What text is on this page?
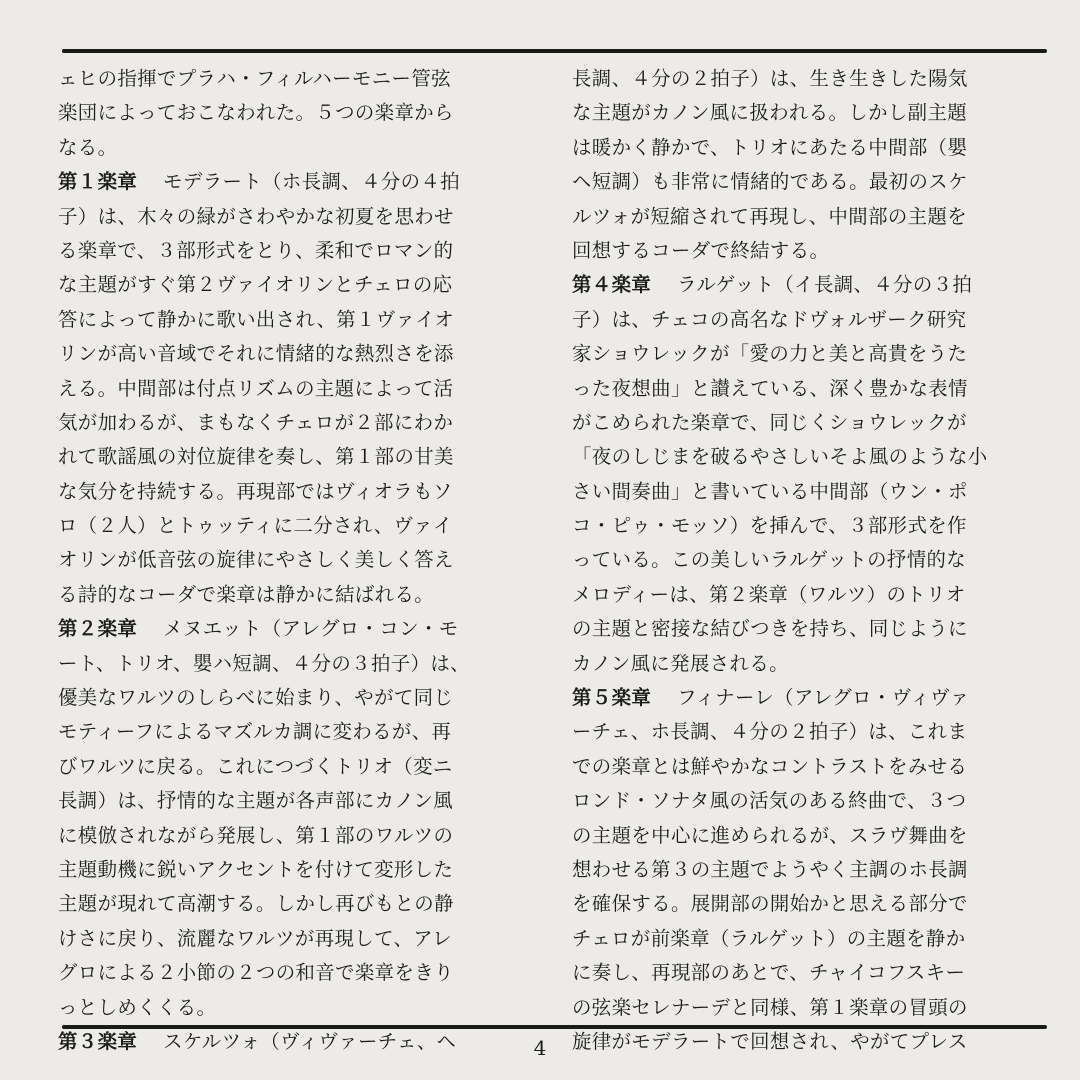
ェヒの指揮でプラハ・フィルハーモニー管弦
楽団によっておこなわれた。５つの楽章から
なる。
第１楽章 モデラート（ホ長調、４分の４拍
子）は、木々の緑がさわやかな初夏を思わせ
る楽章で、３部形式をとり、柔和でロマン的
な主題がすぐ第２ヴァイオリンとチェロの応
答によって静かに歌い出され、第１ヴァイオ
リンが高い音域でそれに情緒的な熱烈さを添
える。中間部は付点リズムの主題によって活
気が加わるが、まもなくチェロが２部にわか
れて歌謡風の対位旋律を奏し、第１部の甘美
な気分を持続する。再現部ではヴィオラもソ
ロ（２人）とトゥッティに二分され、ヴァイ
オリンが低音弦の旋律にやさしく美しく答え
る詩的なコーダで楽章は静かに結ばれる。
第２楽章 メヌエット（アレグロ・コン・モ
ート、トリオ、嬰ハ短調、４分の３拍子）は、
優美なワルツのしらべに始まり、やがて同じ
モティーフによるマズルカ調に変わるが、再
びワルツに戻る。これにつづくトリオ（変ニ
長調）は、抒情的な主題が各声部にカノン風
に模倣されながら発展し、第１部のワルツの
主題動機に鋭いアクセントを付けて変形した
主題が現れて高潮する。しかし再びもとの静
けさに戻り、流麗なワルツが再現して、アレ
グロによる２小節の２つの和音で楽章をきり
っとしめくくる。
第３楽章 スケルツォ（ヴィヴァーチェ、ヘ
長調、４分の２拍子）は、生き生きした陽気
な主題がカノン風に扱われる。しかし副主題
は暖かく静かで、トリオにあたる中間部（嬰
ヘ短調）も非常に情緒的である。最初のスケ
ルツォが短縮されて再現し、中間部の主題を
回想するコーダで終結する。
第４楽章 ラルゲット（イ長調、４分の３拍
子）は、チェコの高名なドヴォルザーク研究
家ショウレックが「愛の力と美と高貴をうた
った夜想曲」と讃えている、深く豊かな表情
がこめられた楽章で、同じくショウレックが
「夜のしじまを破るやさしいそよ風のような小
さい間奏曲」と書いている中間部（ウン・ポ
コ・ピゥ・モッソ）を挿んで、３部形式を作
っている。この美しいラルゲットの抒情的な
メロディーは、第２楽章（ワルツ）のトリオ
の主題と密接な結びつきを持ち、同じように
カノン風に発展される。
第５楽章 フィナーレ（アレグロ・ヴィヴァ
ーチェ、ホ長調、４分の２拍子）は、これま
での楽章とは鮮やかなコントラストをみせる
ロンド・ソナタ風の活気のある終曲で、３つ
の主題を中心に進められるが、スラヴ舞曲を
想わせる第３の主題でようやく主調のホ長調
を確保する。展開部の開始かと思える部分で
チェロが前楽章（ラルゲット）の主題を静か
に奏し、再現部のあとで、チャイコフスキー
の弦楽セレナーデと同様、第１楽章の冒頭の
旋律がモデラートで回想され、やがてプレス
4
